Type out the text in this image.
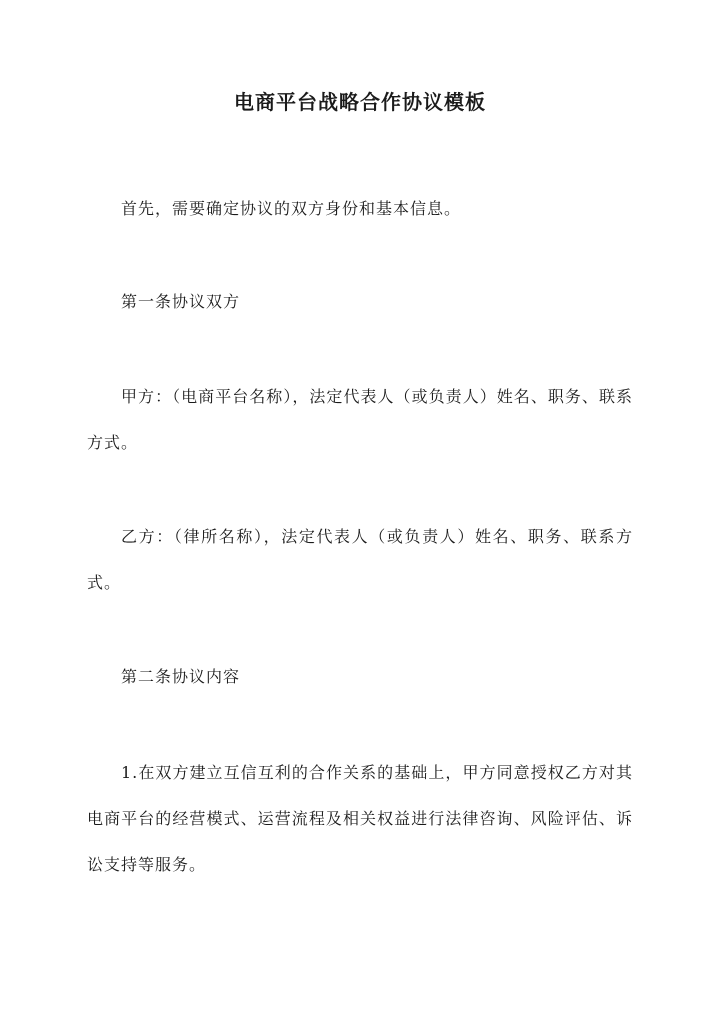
电商平台战略合作协议模板

首先，需要确定协议的双方身份和基本信息。

第一条协议双方

甲方：（电商平台名称），法定代表人（或负责人）姓名、职务、联系方式。

乙方：（律所名称），法定代表人（或负责人）姓名、职务、联系方式。

第二条协议内容

1.在双方建立互信互利的合作关系的基础上，甲方同意授权乙方对其电商平台的经营模式、运营流程及相关权益进行法律咨询、风险评估、诉讼支持等服务。
